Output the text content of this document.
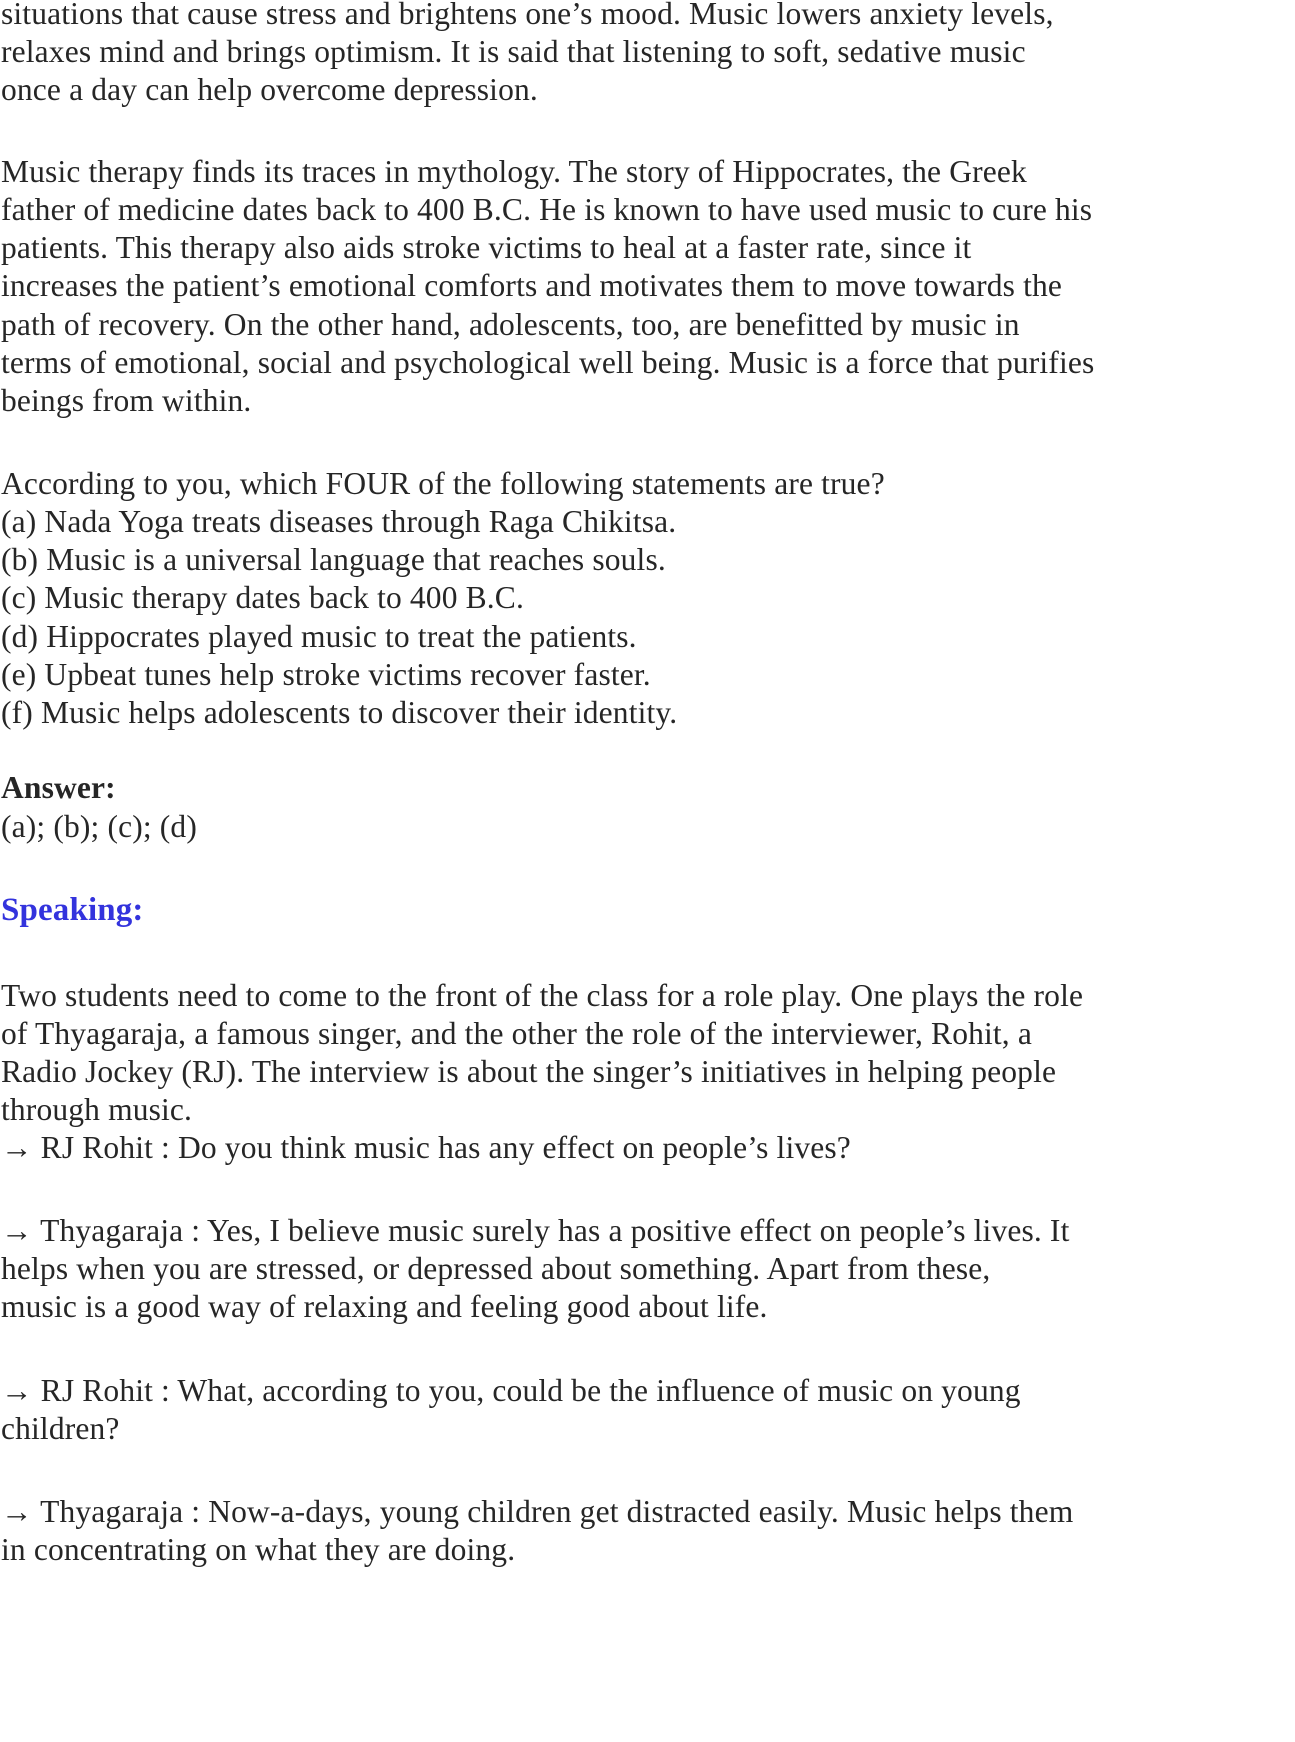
situations that cause stress and brightens one’s mood. Music lowers anxiety levels,
relaxes mind and brings optimism. It is said that listening to soft, sedative music
once a day can help overcome depression.
Music therapy finds its traces in mythology. The story of Hippocrates, the Greek
father of medicine dates back to 400 B.C. He is known to have used music to cure his
patients. This therapy also aids stroke victims to heal at a faster rate, since it
increases the patient’s emotional comforts and motivates them to move towards the
path of recovery. On the other hand, adolescents, too, are benefitted by music in
terms of emotional, social and psychological well being. Music is a force that purifies
beings from within.
According to you, which FOUR of the following statements are true?
(a) Nada Yoga treats diseases through Raga Chikitsa.
(b) Music is a universal language that reaches souls.
(c) Music therapy dates back to 400 B.C.
(d) Hippocrates played music to treat the patients.
(e) Upbeat tunes help stroke victims recover faster.
(f) Music helps adolescents to discover their identity.
Answer:
(a); (b); (c); (d)
Speaking:
Two students need to come to the front of the class for a role play. One plays the role
of Thyagaraja, a famous singer, and the other the role of the interviewer, Rohit, a
Radio Jockey (RJ). The interview is about the singer’s initiatives in helping people
through music.
→ RJ Rohit : Do you think music has any effect on people’s lives?
→ Thyagaraja : Yes, I believe music surely has a positive effect on people’s lives. It
helps when you are stressed, or depressed about something. Apart from these,
music is a good way of relaxing and feeling good about life.
→ RJ Rohit : What, according to you, could be the influence of music on young
children?
→ Thyagaraja : Now-a-days, young children get distracted easily. Music helps them
in concentrating on what they are doing.
